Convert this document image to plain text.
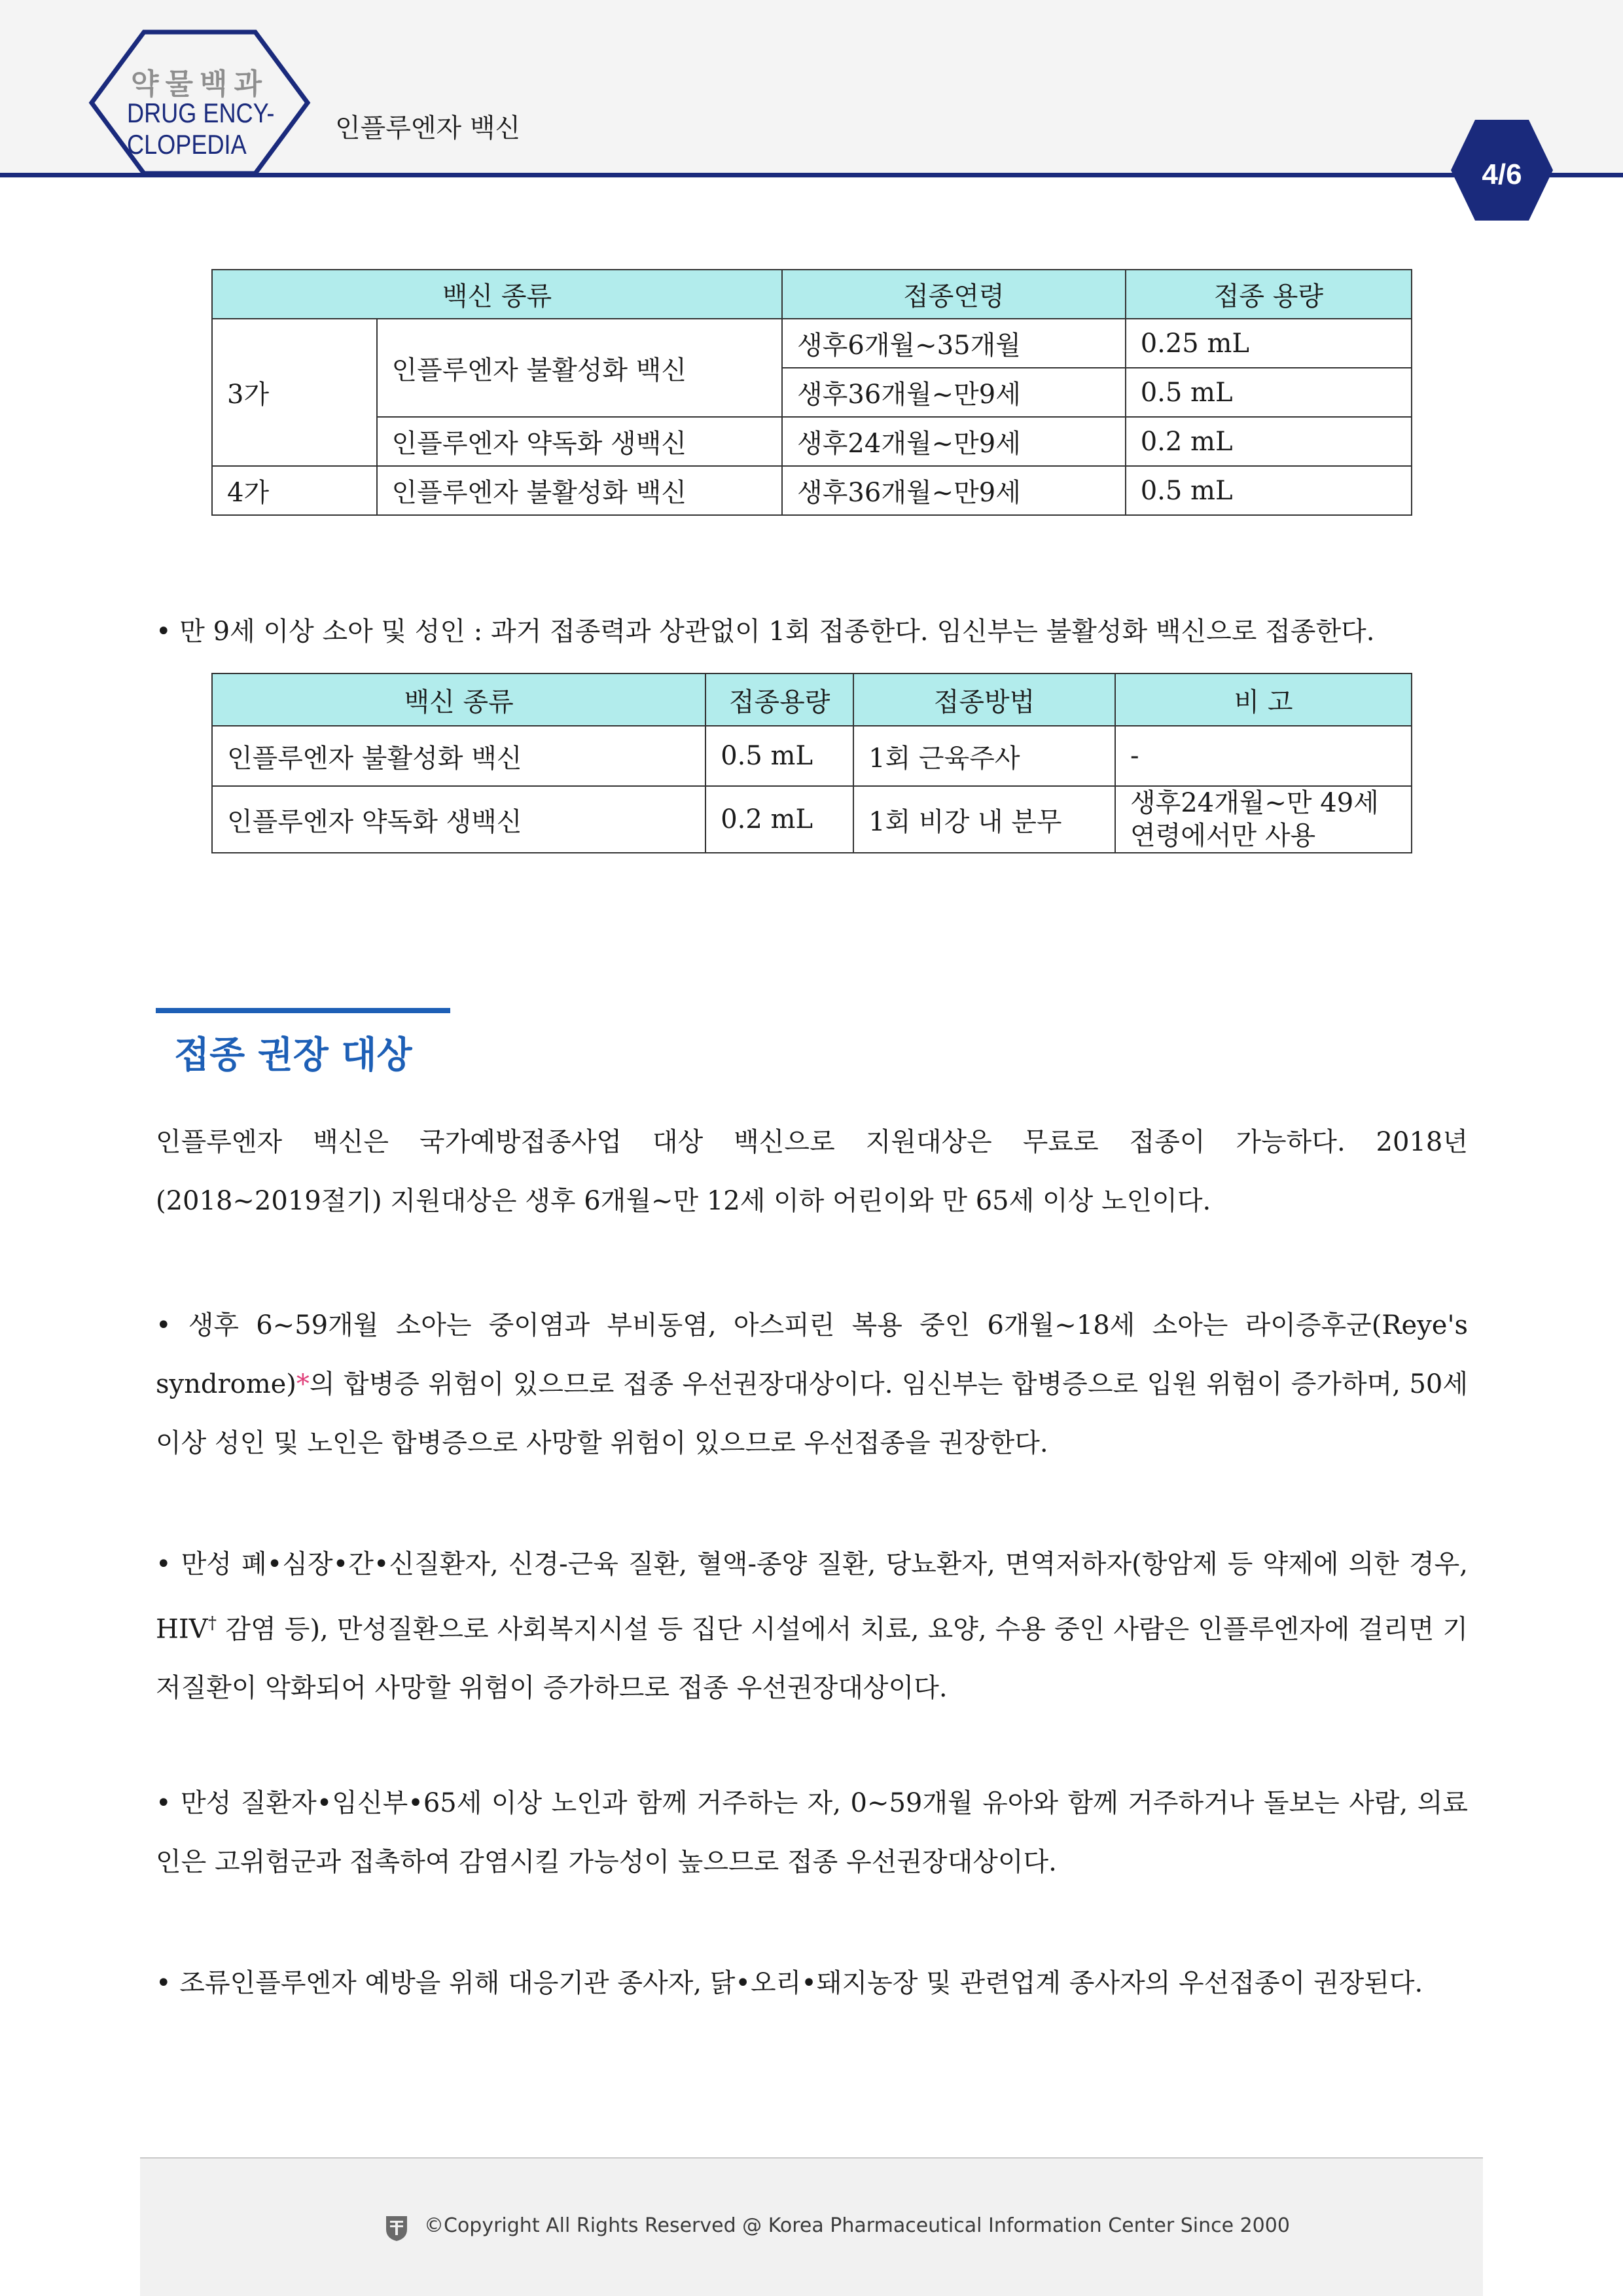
약물백과
DRUG ENCY-
CLOPEDIA
인플루엔자 백신
4/6
백신 종류		접종연령	접종 용량
3가	인플루엔자 불활성화 백신	생후6개월~35개월	0.25 mL
		생후36개월~만9세	0.5 mL
	인플루엔자 약독화 생백신	생후24개월~만9세	0.2 mL
4가	인플루엔자 불활성화 백신	생후36개월~만9세	0.5 mL
• 만 9세 이상 소아 및 성인 : 과거 접종력과 상관없이 1회 접종한다. 임신부는 불활성화 백신으로 접종한다.
백신 종류	접종용량	접종방법	비 고
인플루엔자 불활성화 백신	0.5 mL	1회 근육주사	-
인플루엔자 약독화 생백신	0.2 mL	1회 비강 내 분무	생후24개월~만 49세 연령에서만 사용
접종 권장 대상
인플루엔자 백신은 국가예방접종사업 대상 백신으로 지원대상은 무료로 접종이 가능하다. 2018년
(2018~2019절기) 지원대상은 생후 6개월~만 12세 이하 어린이와 만 65세 이상 노인이다.
• 생후 6~59개월 소아는 중이염과 부비동염, 아스피린 복용 중인 6개월~18세 소아는 라이증후군(Reye's syndrome)*의 합병증 위험이 있으므로 접종 우선권장대상이다. 임신부는 합병증으로 입원 위험이 증가하며, 50세 이상 성인 및 노인은 합병증으로 사망할 위험이 있으므로 우선접종을 권장한다.
• 만성 폐•심장•간•신질환자, 신경-근육 질환, 혈액-종양 질환, 당뇨환자, 면역저하자(항암제 등 약제에 의한 경우, HIV† 감염 등), 만성질환으로 사회복지시설 등 집단 시설에서 치료, 요양, 수용 중인 사람은 인플루엔자에 걸리면 기저질환이 악화되어 사망할 위험이 증가하므로 접종 우선권장대상이다.
• 만성 질환자•임신부•65세 이상 노인과 함께 거주하는 자, 0~59개월 유아와 함께 거주하거나 돌보는 사람, 의료인은 고위험군과 접촉하여 감염시킬 가능성이 높으므로 접종 우선권장대상이다.
• 조류인플루엔자 예방을 위해 대응기관 종사자, 닭•오리•돼지농장 및 관련업계 종사자의 우선접종이 권장된다.
©Copyright All Rights Reserved @ Korea Pharmaceutical Information Center Since 2000
